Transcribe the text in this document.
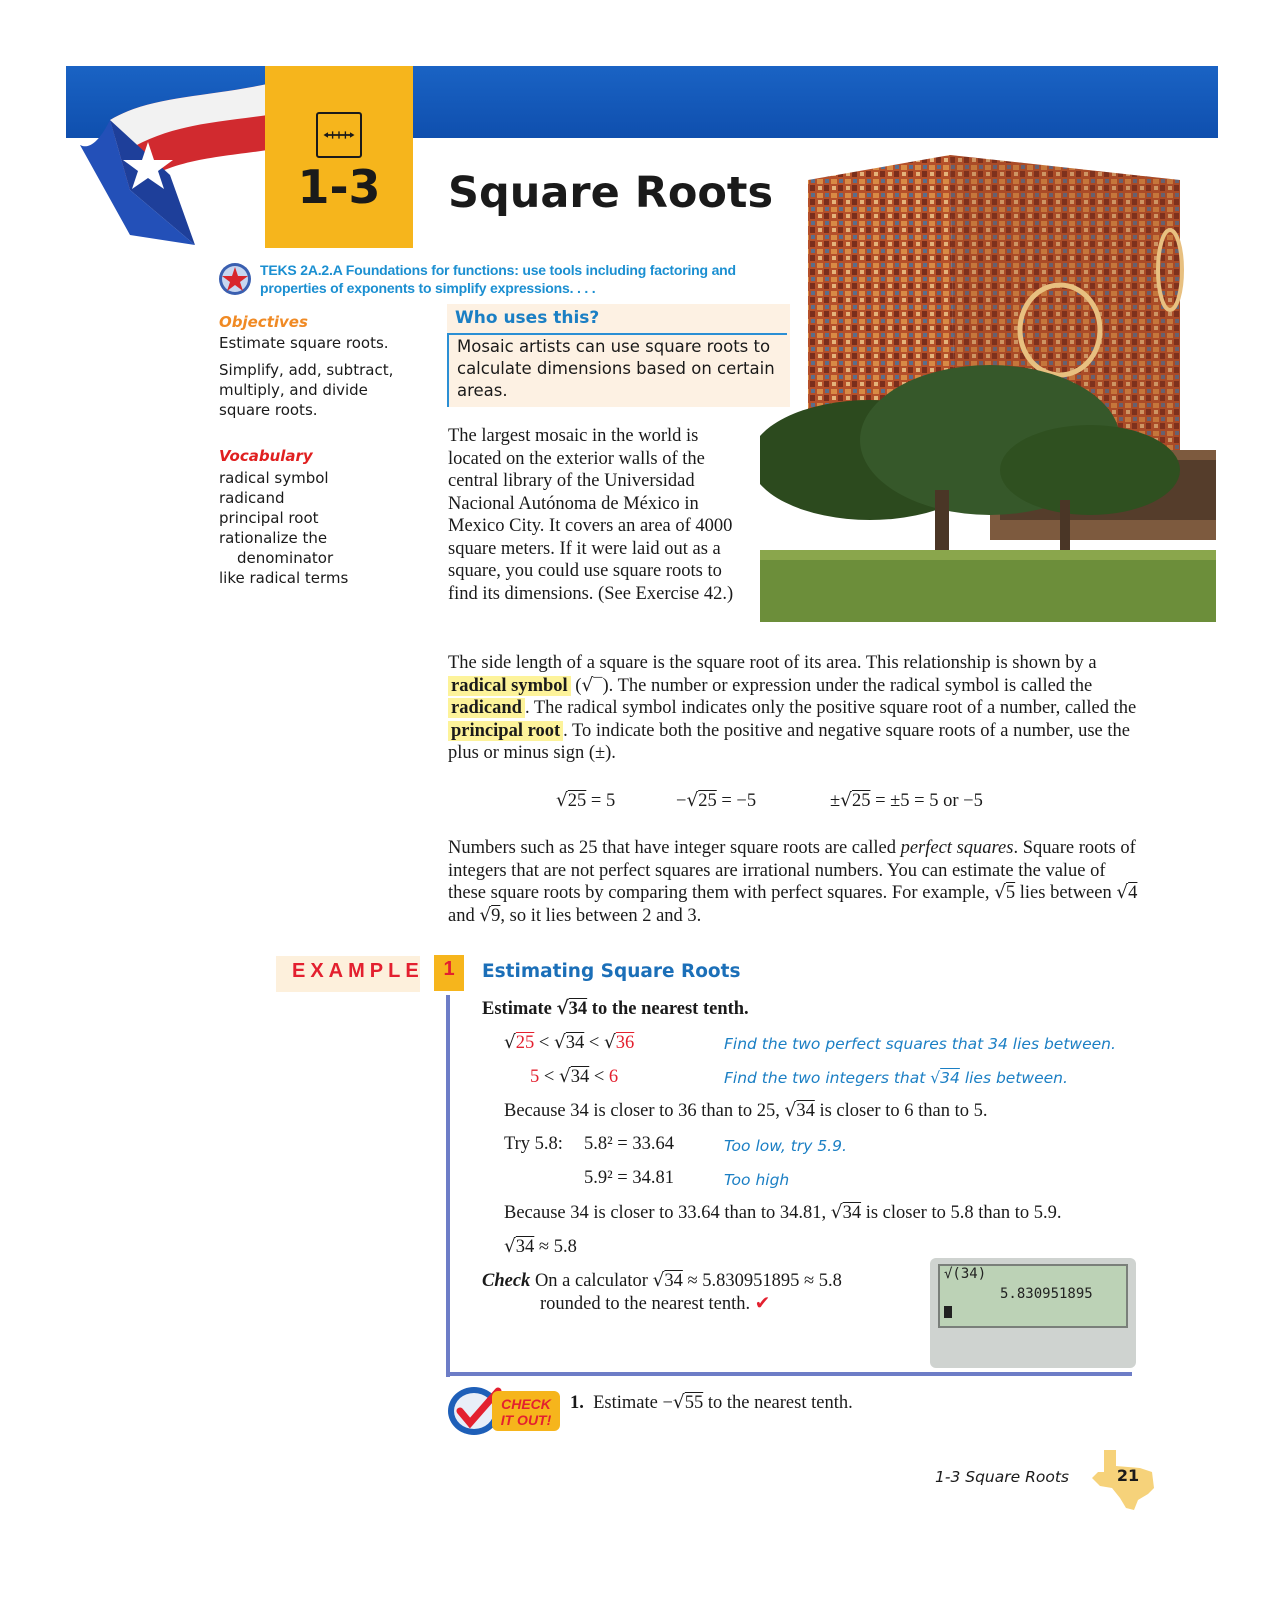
1-3	Square Roots
TEKS 2A.2.A Foundations for functions: use tools including factoring and properties of exponents to simplify expressions. . . .
Objectives
Estimate square roots.
Simplify, add, subtract, multiply, and divide square roots.
Vocabulary
radical symbol
radicand
principal root
rationalize the
denominator
like radical terms
Who uses this?
Mosaic artists can use square roots to calculate dimensions based on certain areas.
The largest mosaic in the world is located on the exterior walls of the central library of the Universidad Nacional Autónoma de México in Mexico City. It covers an area of 4000 square meters. If it were laid out as a square, you could use square roots to find its dimensions. (See Exercise 42.)
The side length of a square is the square root of its area. This relationship is shown by a radical symbol (√‾). The number or expression under the radical symbol is called the radicand . The radical symbol indicates only the positive square root of a number, called the principal root . To indicate both the positive and negative square roots of a number, use the plus or minus sign (±).
√25 = 5	−√25 = −5	±√25 = ±5 = 5 or −5
Numbers such as 25 that have integer square roots are called perfect squares. Square roots of integers that are not perfect squares are irrational numbers. You can estimate the value of these square roots by comparing them with perfect squares. For example, √5 lies between √4 and √9, so it lies between 2 and 3.
EXAMPLE 1	Estimating Square Roots
Estimate √34 to the nearest tenth.
√25 < √34 < √36	Find the two perfect squares that 34 lies between.
5 < √34 < 6	Find the two integers that √34 lies between.
Because 34 is closer to 36 than to 25, √34 is closer to 6 than to 5.
Try 5.8: 5.8² = 33.64	Too low, try 5.9.
5.9² = 34.81	Too high
Because 34 is closer to 33.64 than to 34.81, √34 is closer to 5.8 than to 5.9.
√34 ≈ 5.8
Check On a calculator √34 ≈ 5.830951895 ≈ 5.8
rounded to the nearest tenth. ✔
√(34)
5.830951895
CHECK
IT OUT!
1. Estimate −√55 to the nearest tenth.
1-3 Square Roots	21
